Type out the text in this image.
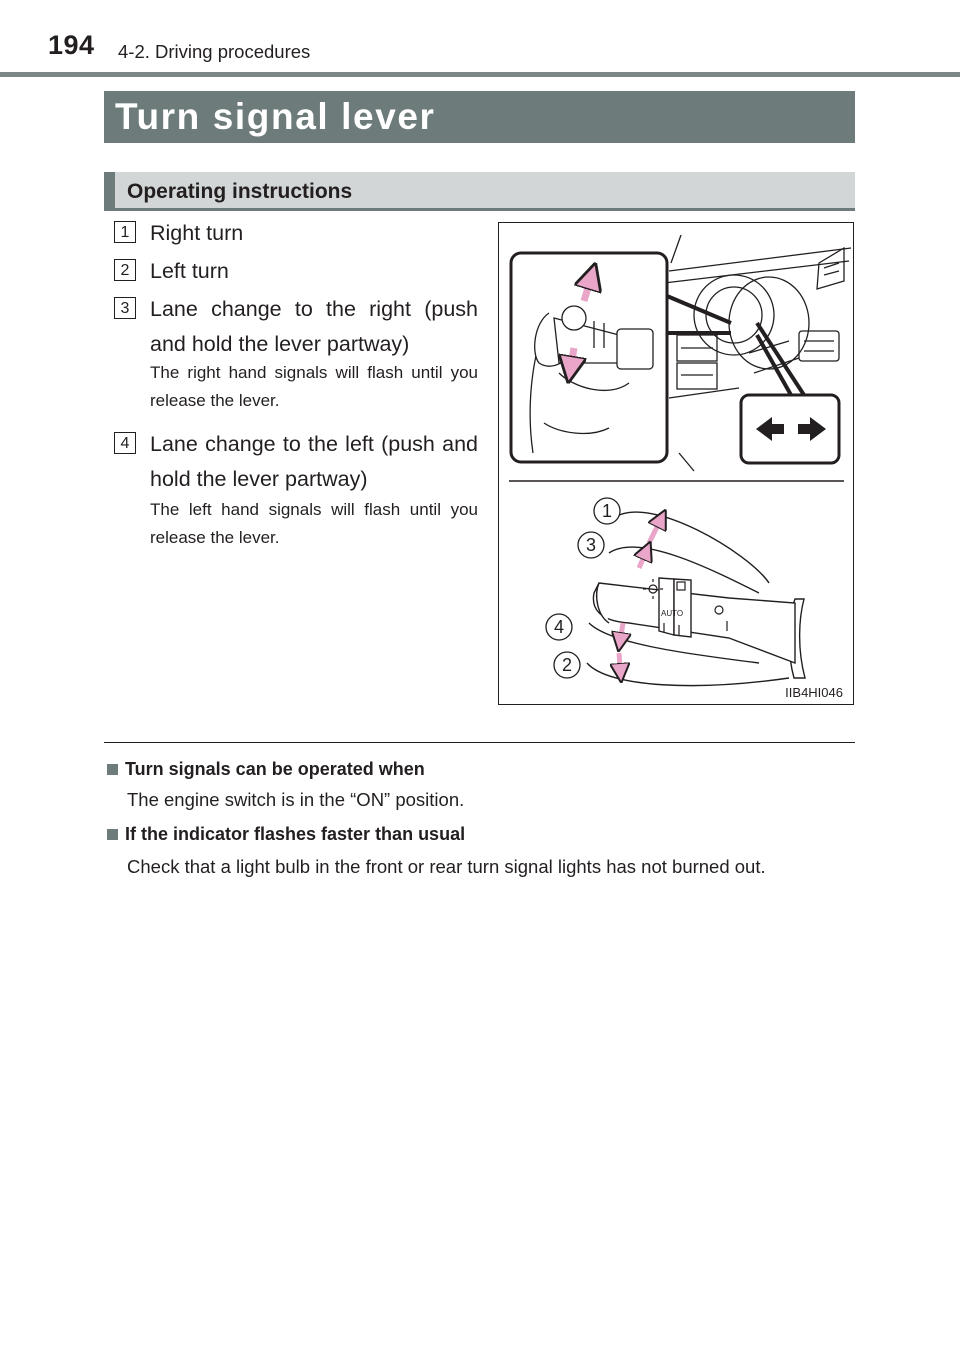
194 4-2. Driving procedures
Turn signal lever
Operating instructions
1 Right turn
2 Left turn
3 Lane change to the right (push and hold the lever partway)
The right hand signals will flash until you release the lever.
4 Lane change to the left (push and hold the lever partway)
The left hand signals will flash until you release the lever.
AUTO
1
3
4
2
IIB4HI046
Turn signals can be operated when
The engine switch is in the “ON” position.
If the indicator flashes faster than usual
Check that a light bulb in the front or rear turn signal lights has not burned out.
